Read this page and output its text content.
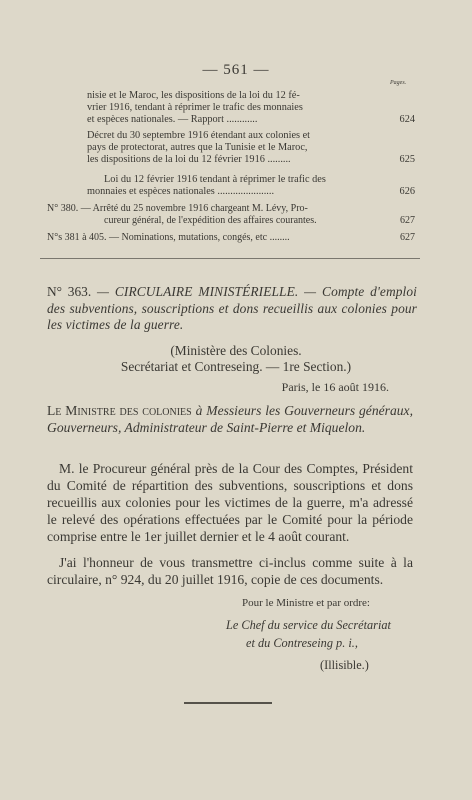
— 561 —
Pages.
nisie et le Maroc, les dispositions de la loi du 12 fé-
vrier 1916, tendant à réprimer le trafic des monnaies
et espèces nationales. — Rapport ............	624
Décret du 30 septembre 1916 étendant aux colonies et
pays de protectorat, autres que la Tunisie et le Maroc,
les dispositions de la loi du 12 février 1916 .........	625
Loi du 12 février 1916 tendant à réprimer le trafic des
monnaies et espèces nationales ......................	626
N° 380. — Arrêté du 25 novembre 1916 chargeant M. Lévy, Pro-
cureur général, de l'expédition des affaires courantes.	627
N°s 381 à 405. — Nominations, mutations, congés, etc ........	627
N° 363. — CIRCULAIRE MINISTÉRIELLE. — Compte d'emploi des subventions, souscriptions et dons recueillis aux colonies pour les victimes de la guerre.
(Ministère des Colonies.
Secrétariat et Contreseing. — 1re Section.)
Paris, le 16 août 1916.
Le Ministre des colonies à Messieurs les Gouverneurs généraux, Gouverneurs, Administrateur de Saint-Pierre et Miquelon.
M. le Procureur général près de la Cour des Comptes, Président du Comité de répartition des subventions, souscriptions et dons recueillis aux colonies pour les victimes de la guerre, m'a adressé le relevé des opérations effectuées par le Comité pour la période comprise entre le 1er juillet dernier et le 4 août courant.
J'ai l'honneur de vous transmettre ci-inclus comme suite à la circulaire, n° 924, du 20 juillet 1916, copie de ces documents.
Pour le Ministre et par ordre:
Le Chef du service du Secrétariat
et du Contreseing p. i.,
(Illisible.)
